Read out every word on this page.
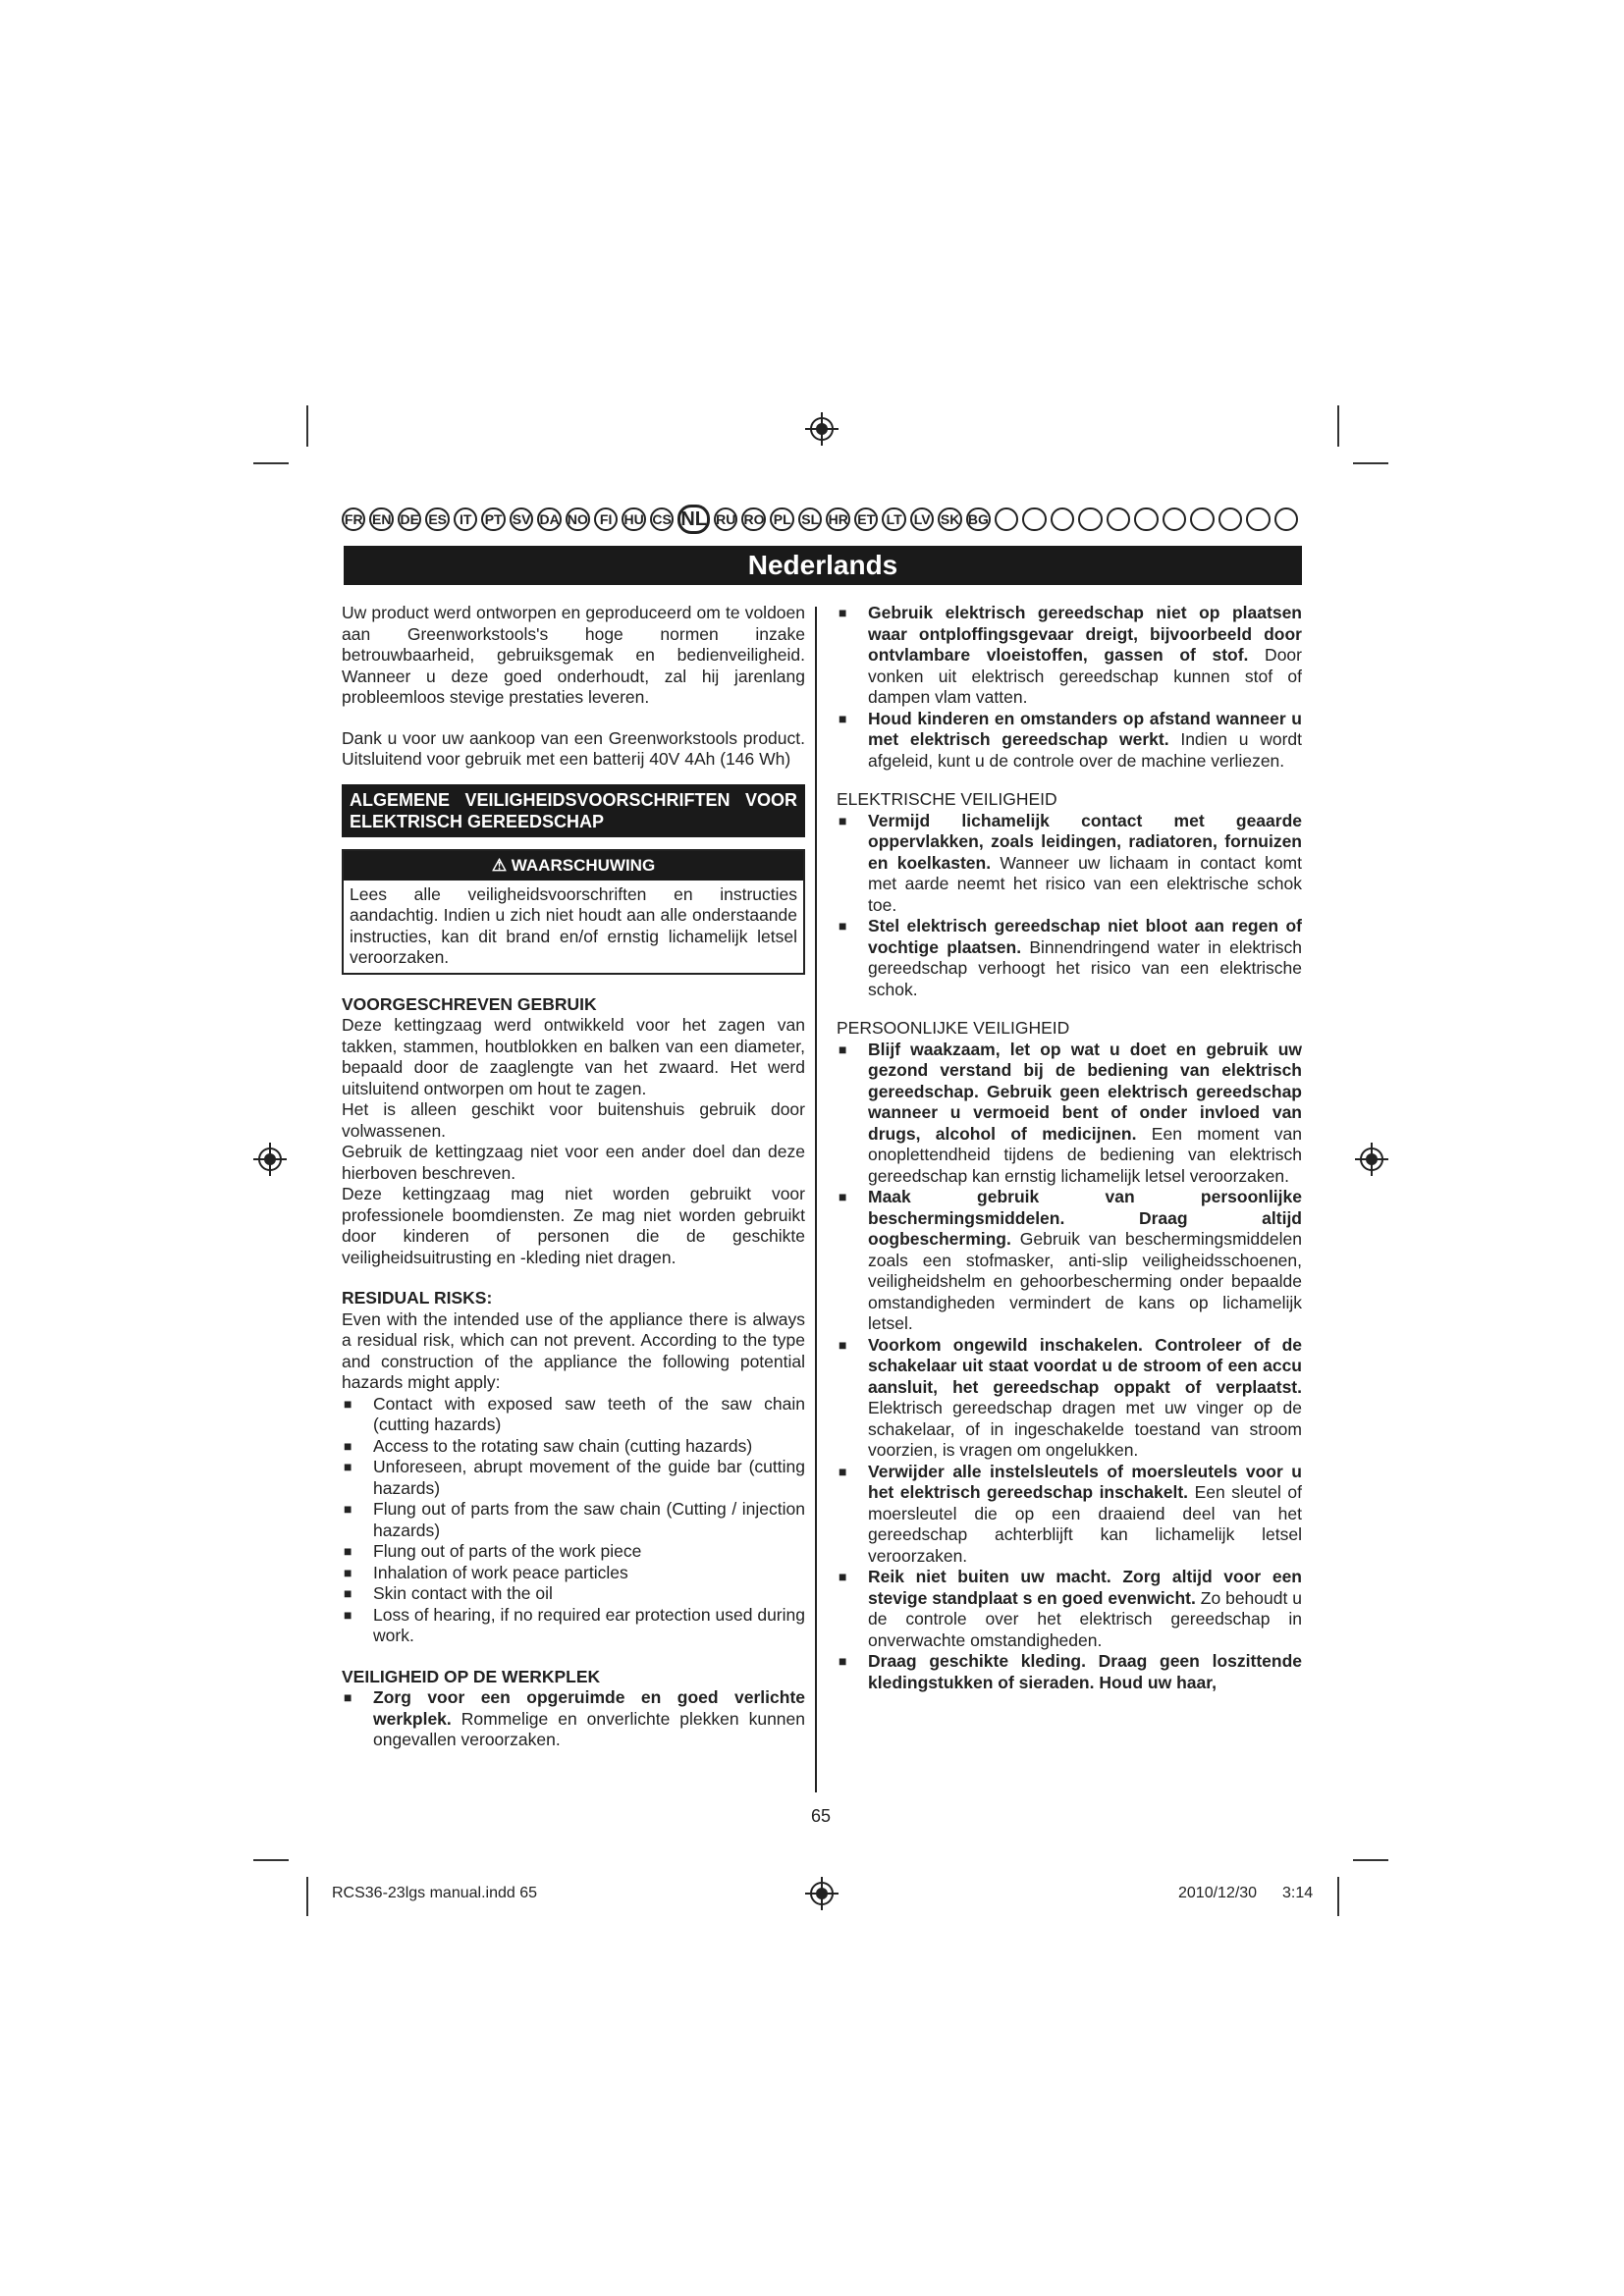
FR EN DE ES IT PT SV DA NO FI HU CS NL RU RO PL SL HR ET LT LV SK BG
Nederlands

Uw product werd ontworpen en geproduceerd om te voldoen aan Greenworkstools's hoge normen inzake betrouwbaarheid, gebruiksgemak en bedienveiligheid. Wanneer u deze goed onderhoudt, zal hij jarenlang probleemloos stevige prestaties leveren.

Dank u voor uw aankoop van een Greenworkstools product. Uitsluitend voor gebruik met een batterij 40V 4Ah (146 Wh)

ALGEMENE VEILIGHEIDSVOORSCHRIFTEN VOOR ELEKTRISCH GEREEDSCHAP
⚠ WAARSCHUWING
Lees alle veiligheidsvoorschriften en instructies aandachtig. Indien u zich niet houdt aan alle onderstaande instructies, kan dit brand en/of ernstig lichamelijk letsel veroorzaken.

VOORGESCHREVEN GEBRUIK

Deze kettingzaag werd ontwikkeld voor het zagen van takken, stammen, houtblokken en balken van een diameter, bepaald door de zaaglengte van het zwaard. Het werd uitsluitend ontworpen om hout te zagen.

Het is alleen geschikt voor buitenshuis gebruik door volwassenen.

Gebruik de kettingzaag niet voor een ander doel dan deze hierboven beschreven.

Deze kettingzaag mag niet worden gebruikt voor professionele boomdiensten. Ze mag niet worden gebruikt door kinderen of personen die de geschikte veiligheidsuitrusting en -kleding niet dragen.

RESIDUAL RISKS:

Even with the intended use of the appliance there is always a residual risk, which can not prevent. According to the type and construction of the appliance the following potential hazards might apply:

■ Contact with exposed saw teeth of the saw chain (cutting hazards)
■ Access to the rotating saw chain (cutting hazards)
■ Unforeseen, abrupt movement of the guide bar (cutting hazards)
■ Flung out of parts from the saw chain (Cutting / injection hazards)
■ Flung out of parts of the work piece
■ Inhalation of work peace particles
■ Skin contact with the oil
■ Loss of hearing, if no required ear protection used during work.

VEILIGHEID OP DE WERKPLEK

■ Zorg voor een opgeruimde en goed verlichte werkplek. Rommelige en onverlichte plekken kunnen ongevallen veroorzaken.
■ Gebruik elektrisch gereedschap niet op plaatsen waar ontploffingsgevaar dreigt, bijvoorbeeld door ontvlambare vloeistoffen, gassen of stof. Door vonken uit elektrisch gereedschap kunnen stof of dampen vlam vatten.
■ Houd kinderen en omstanders op afstand wanneer u met elektrisch gereedschap werkt. Indien u wordt afgeleid, kunt u de controle over de machine verliezen.

ELEKTRISCHE VEILIGHEID

■ Vermijd lichamelijk contact met geaarde oppervlakken, zoals leidingen, radiatoren, fornuizen en koelkasten. Wanneer uw lichaam in contact komt met aarde neemt het risico van een elektrische schok toe.
■ Stel elektrisch gereedschap niet bloot aan regen of vochtige plaatsen. Binnendringend water in elektrisch gereedschap verhoogt het risico van een elektrische schok.

PERSOONLIJKE VEILIGHEID

■ Blijf waakzaam, let op wat u doet en gebruik uw gezond verstand bij de bediening van elektrisch gereedschap. Gebruik geen elektrisch gereedschap wanneer u vermoeid bent of onder invloed van drugs, alcohol of medicijnen. Een moment van onoplettendheid tijdens de bediening van elektrisch gereedschap kan ernstig lichamelijk letsel veroorzaken.
■ Maak gebruik van persoonlijke beschermingsmiddelen. Draag altijd oogbescherming. Gebruik van beschermingsmiddelen zoals een stofmasker, anti-slip veiligheidsschoenen, veiligheidshelm en gehoorbescherming onder bepaalde omstandigheden vermindert de kans op lichamelijk letsel.
■ Voorkom ongewild inschakelen. Controleer of de schakelaar uit staat voordat u de stroom of een accu aansluit, het gereedschap oppakt of verplaatst. Elektrisch gereedschap dragen met uw vinger op de schakelaar, of in ingeschakelde toestand van stroom voorzien, is vragen om ongelukken.
■ Verwijder alle instelsleutels of moersleutels voor u het elektrisch gereedschap inschakelt. Een sleutel of moersleutel die op een draaiend deel van het gereedschap achterblijft kan lichamelijk letsel veroorzaken.
■ Reik niet buiten uw macht. Zorg altijd voor een stevige standplaat s en goed evenwicht. Zo behoudt u de controle over het elektrisch gereedschap in onverwachte omstandigheden.
■ Draag geschikte kleding. Draag geen loszittende kledingstukken of sieraden. Houd uw haar,
65
RCS36-23lgs manual.indd 65	2010/12/30 3:14
